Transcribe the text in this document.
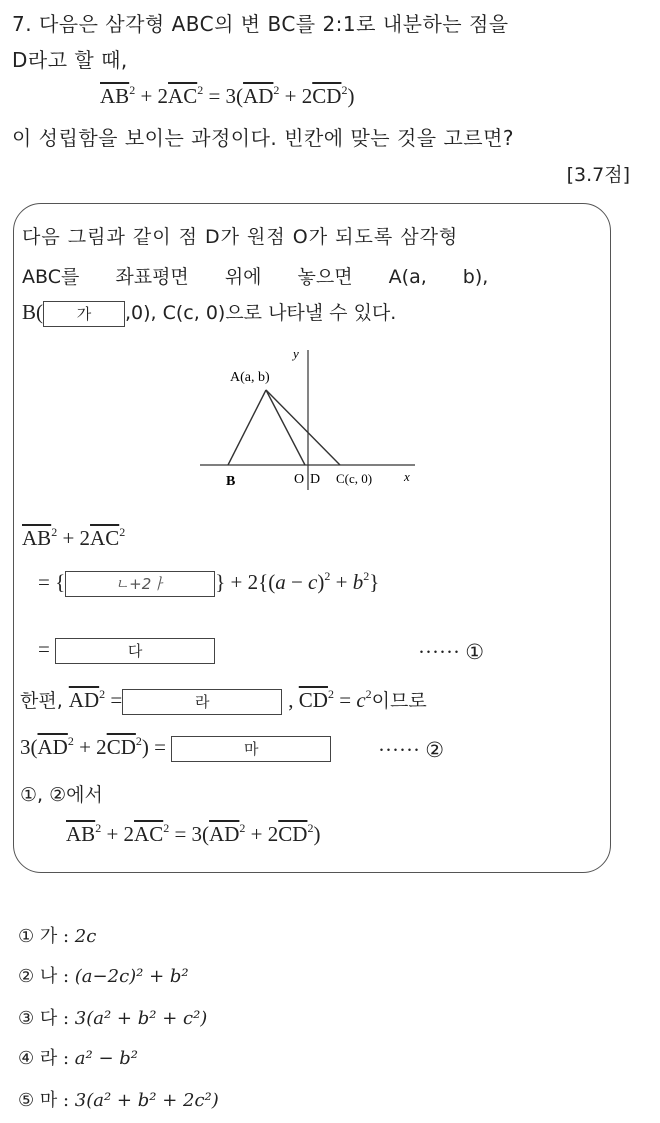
7. 다음은 삼각형 ABC의 변 BC를 2:1로 내분하는 점을
D라고 할 때,
$\overline{AB}^2 + 2\overline{AC}^2 = 3(\overline{AD}^2 + 2\overline{CD}^2)$
이 성립함을 보이는 과정이다. 빈칸에 맞는 것을 고르면?
[3.7점]
다음 그림과 같이 점 D가 원점 O가 되도록 삼각형
ABC를 좌표평면 위에 놓으면 A(a, b),
B( 가 ,0), C(c, 0)으로 나타낼 수 있다.
A(a, b)
B	O D C(c, 0) x
y
$\overline{AB}^2 + 2\overline{AC}^2$
= {	ㄴ+2ㅏ } + $2\{(a - c)^2 + b^2\}$
=	다	······ ①
한편, $\overline{AD}^2$ =	라	, $\overline{CD}^2 = c^2$이므로
$3(\overline{AD}^2 + 2\overline{CD}^2)$ =	마	······ ②
①, ②에서
$\overline{AB}^2 + 2\overline{AC}^2 = 3(\overline{AD}^2 + 2\overline{CD}^2)$
① 가 : 2c
② 나 : (a−2c)² + b²
③ 다 : 3(a² + b² + c²)
④ 라 : a² − b²
⑤ 마 : 3(a² + b² + 2c²)
